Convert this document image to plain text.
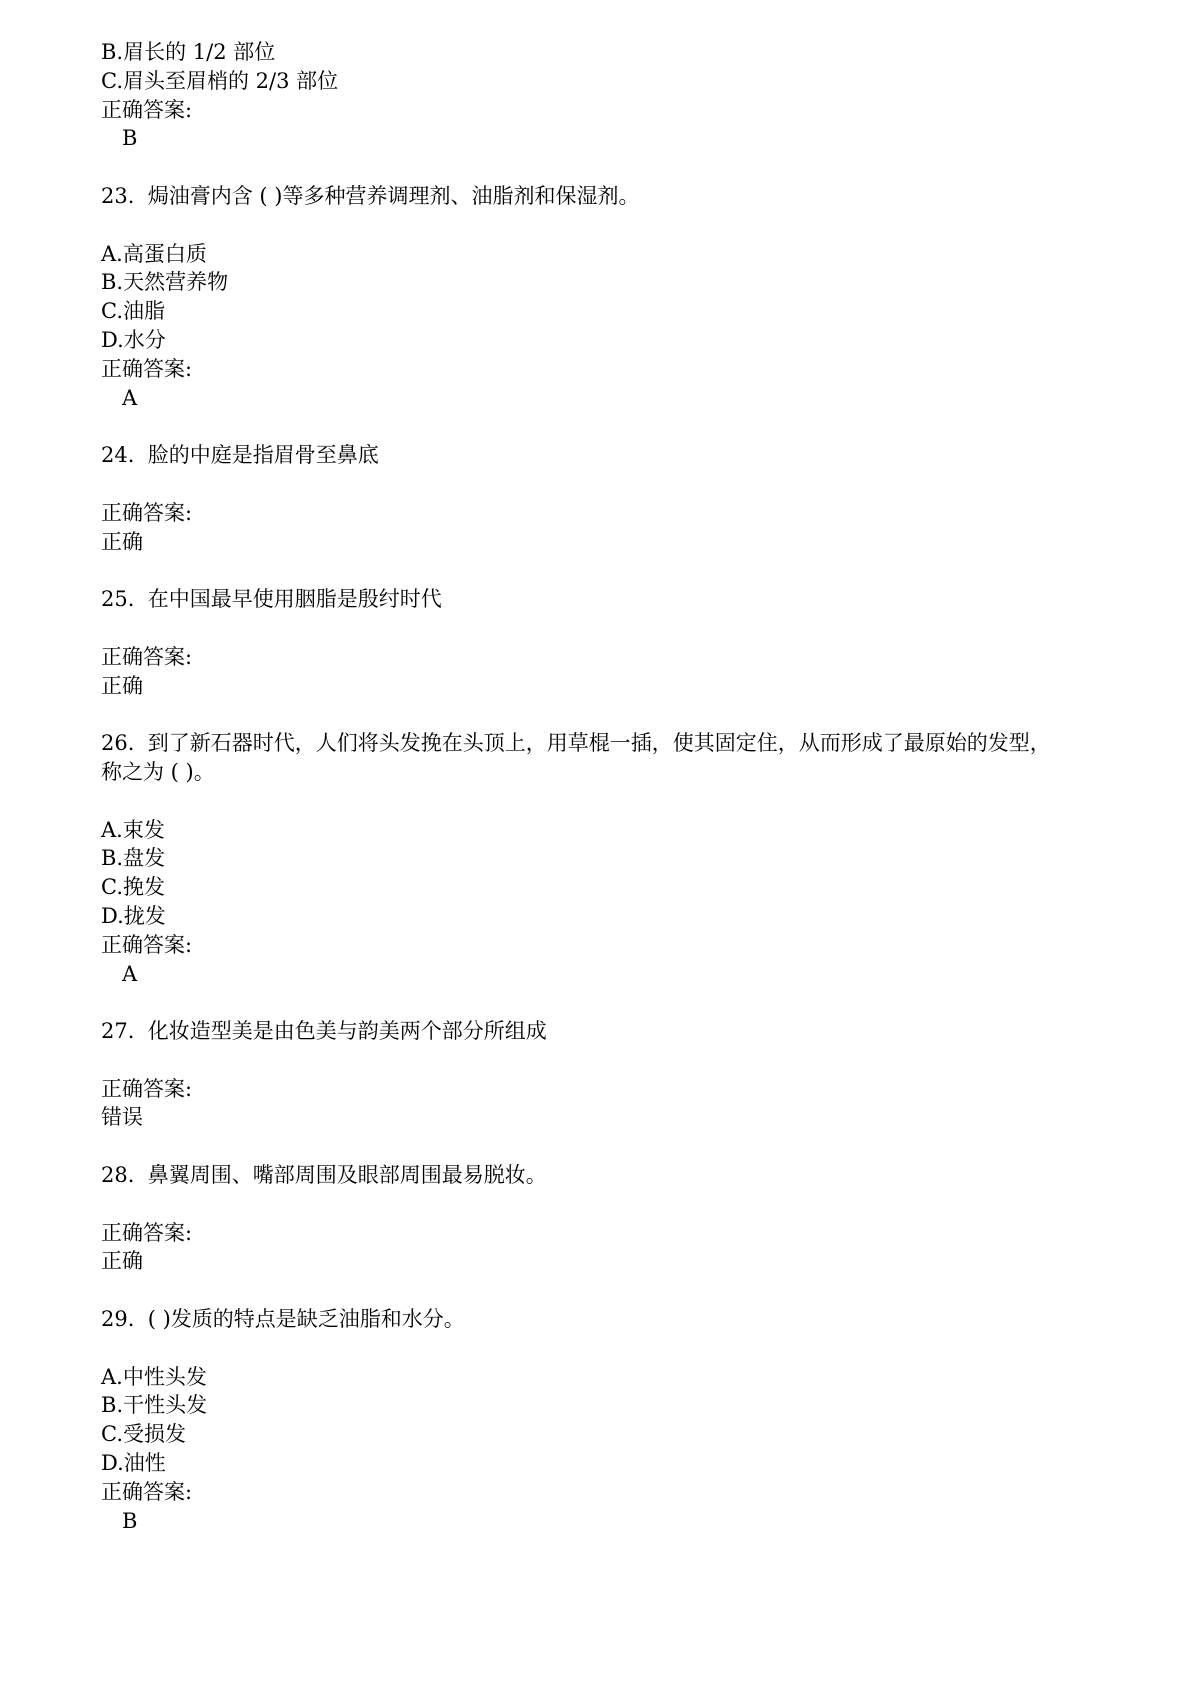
B.眉长的 1/2 部位
C.眉头至眉梢的 2/3 部位
正确答案:
B
23.  焗油膏内含 ( )等多种营养调理剂、油脂剂和保湿剂。
A.高蛋白质
B.天然营养物
C.油脂
D.水分
正确答案:
A
24.  脸的中庭是指眉骨至鼻底
正确答案:
正确
25.  在中国最早使用胭脂是殷纣时代
正确答案:
正确
26.  到了新石器时代，人们将头发挽在头顶上，用草棍一插，使其固定住，从而形成了最原始的发型，
称之为 ( )。
A.束发
B.盘发
C.挽发
D.拢发
正确答案:
A
27.  化妆造型美是由色美与韵美两个部分所组成
正确答案:
错误
28.  鼻翼周围、嘴部周围及眼部周围最易脱妆。
正确答案:
正确
29.  ( )发质的特点是缺乏油脂和水分。
A.中性头发
B.干性头发
C.受损发
D.油性
正确答案:
B
